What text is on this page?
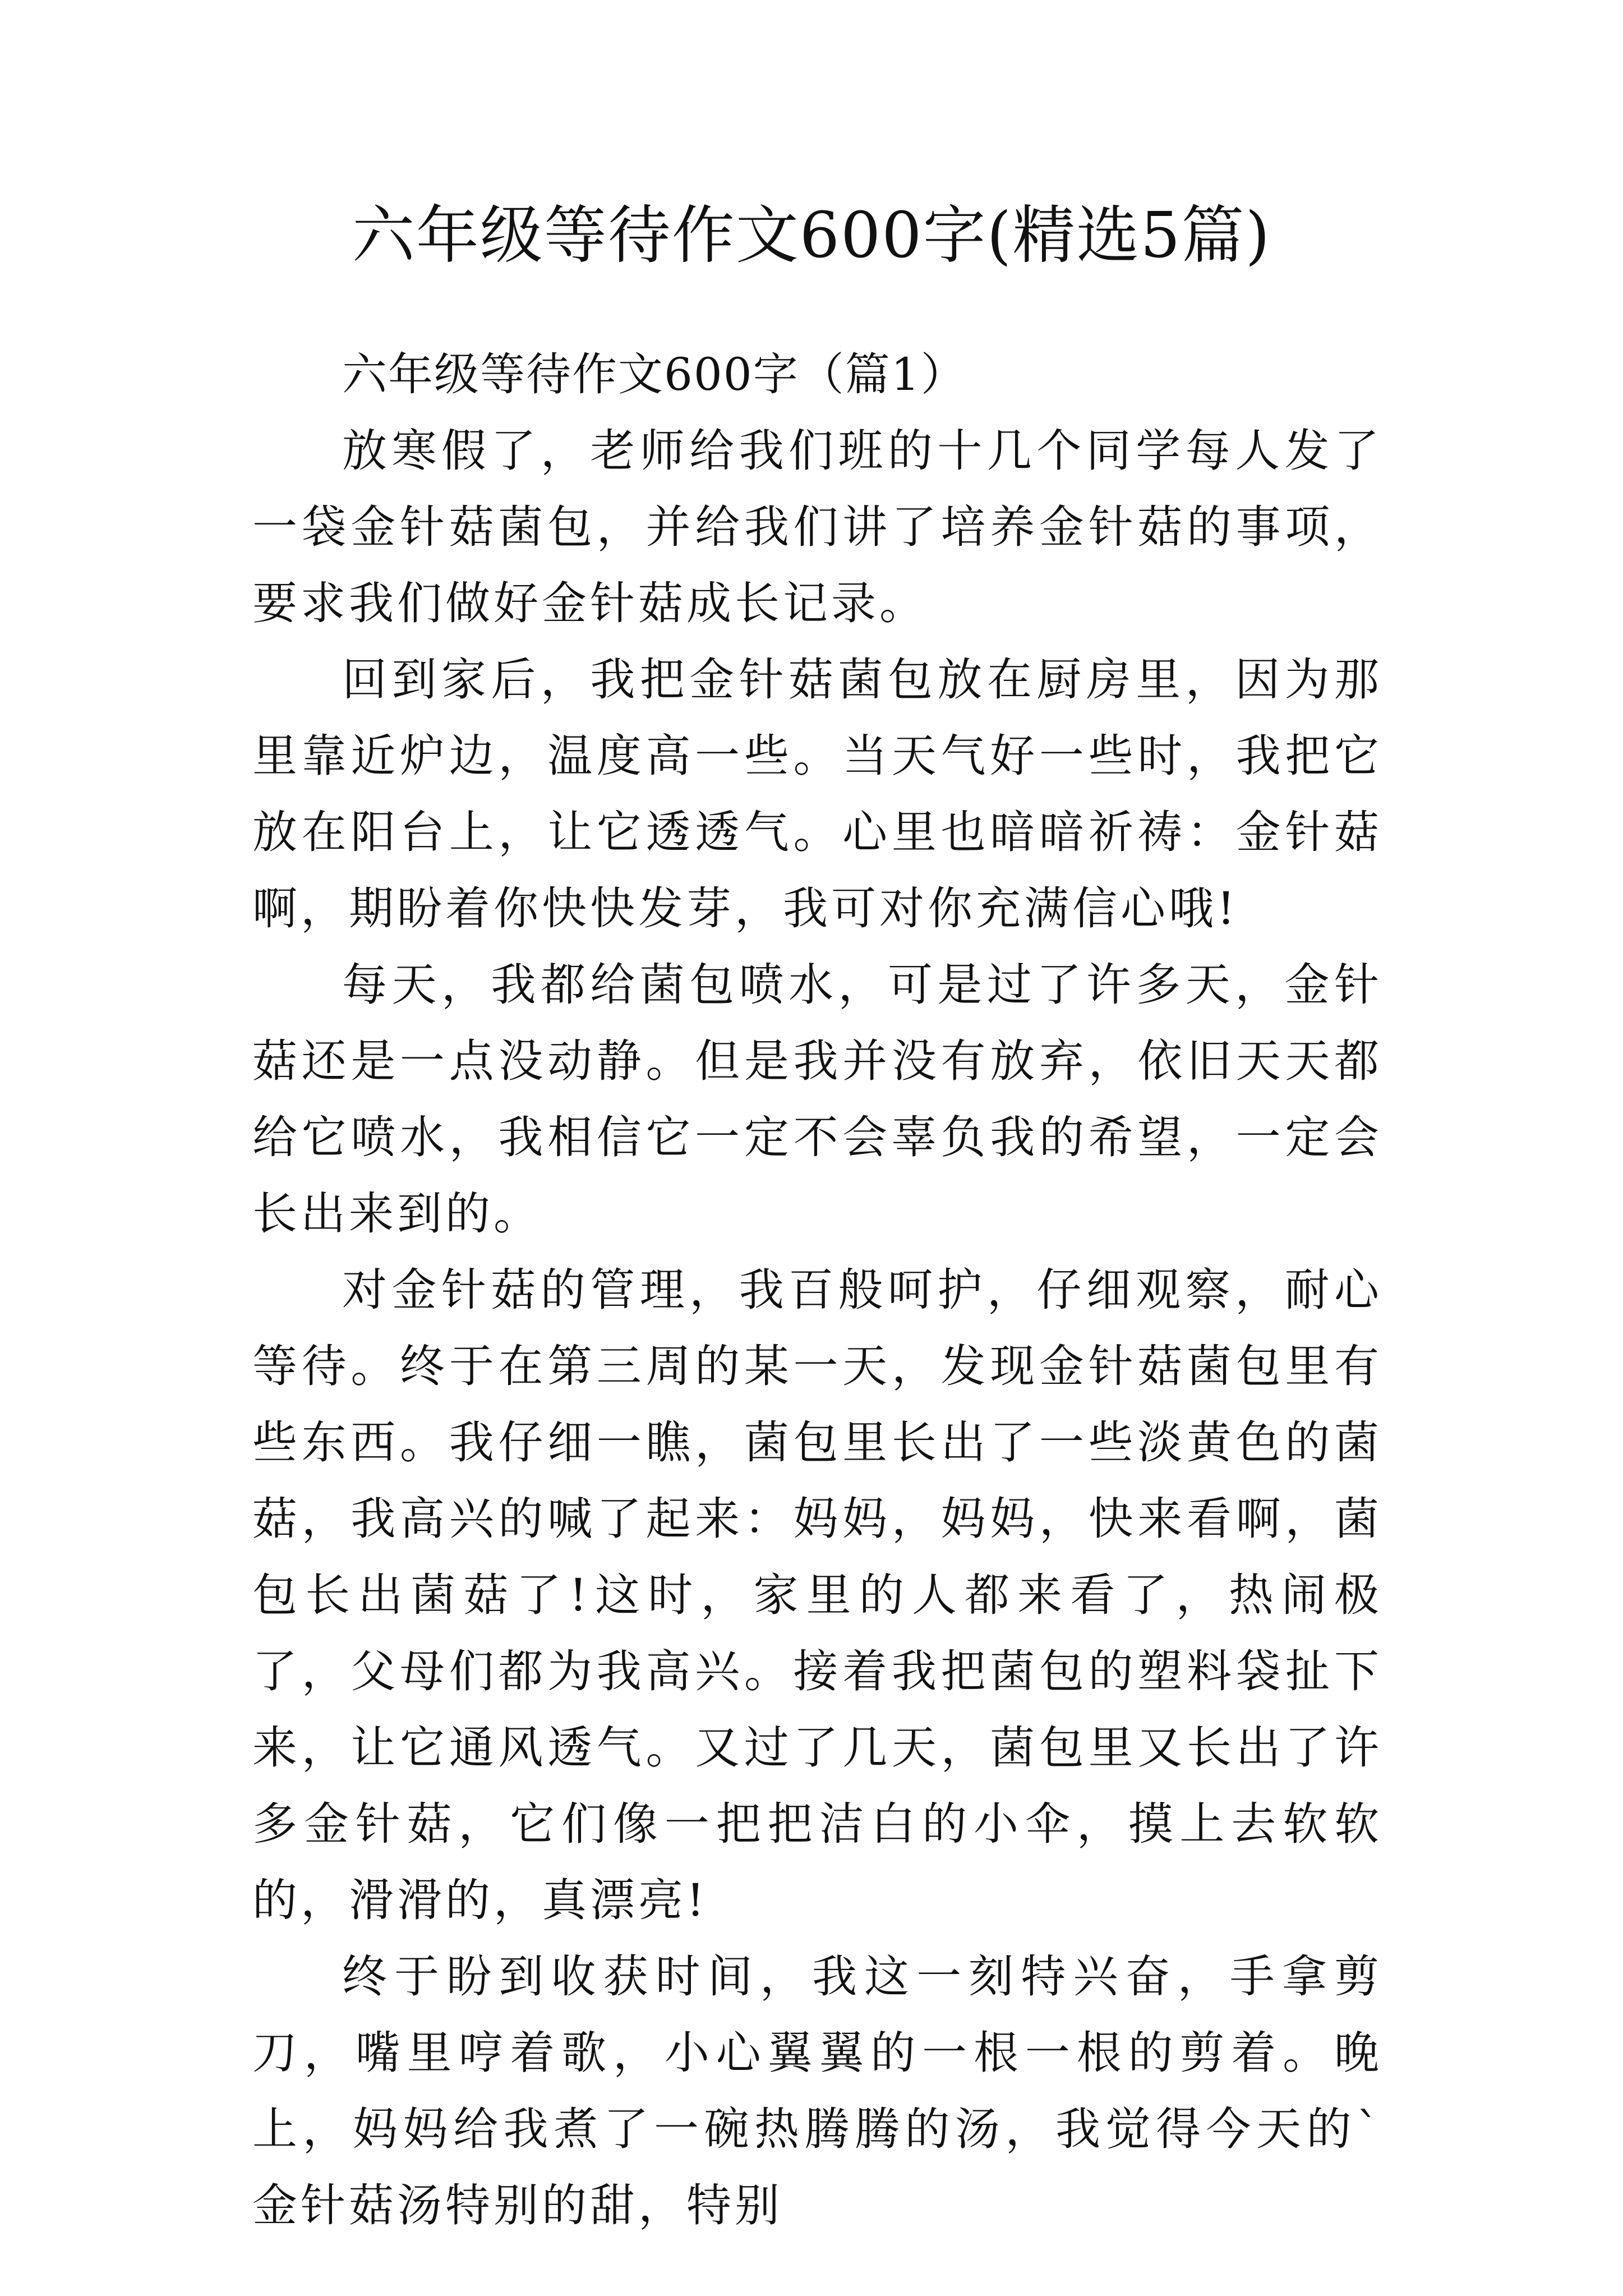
六年级等待作文600字(精选5篇)

六年级等待作文600字（篇1）

放寒假了，老师给我们班的十几个同学每人发了一袋金针菇菌包，并给我们讲了培养金针菇的事项，要求我们做好金针菇成长记录。

回到家后，我把金针菇菌包放在厨房里，因为那里靠近炉边，温度高一些。当天气好一些时，我把它放在阳台上，让它透透气。心里也暗暗祈祷：金针菇啊，期盼着你快快发芽，我可对你充满信心哦!

每天，我都给菌包喷水，可是过了许多天，金针菇还是一点没动静。但是我并没有放弃，依旧天天都给它喷水，我相信它一定不会辜负我的希望，一定会长出来到的。

对金针菇的管理，我百般呵护，仔细观察，耐心等待。终于在第三周的某一天，发现金针菇菌包里有些东西。我仔细一瞧，菌包里长出了一些淡黄色的菌菇，我高兴的喊了起来：妈妈，妈妈，快来看啊，菌包长出菌菇了!这时，家里的人都来看了，热闹极了，父母们都为我高兴。接着我把菌包的塑料袋扯下来，让它通风透气。又过了几天，菌包里又长出了许多金针菇，它们像一把把洁白的小伞，摸上去软软的，滑滑的，真漂亮!

终于盼到收获时间，我这一刻特兴奋，手拿剪刀，嘴里哼着歌，小心翼翼的一根一根的剪着。晚上，妈妈给我煮了一碗热腾腾的汤，我觉得今天的`金针菇汤特别的甜，特别
